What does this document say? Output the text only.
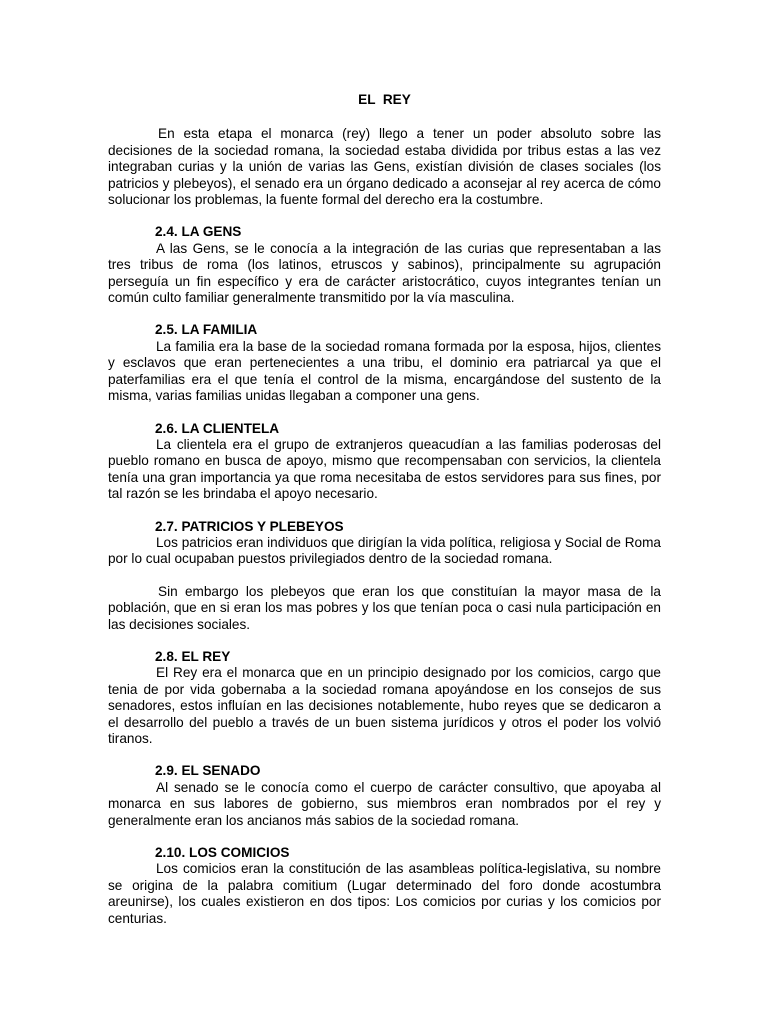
EL  REY

En esta etapa el monarca (rey) llego a tener un poder absoluto sobre las decisiones de la sociedad romana, la sociedad estaba dividida por tribus estas a las vez integraban curias y la unión de varias las Gens, existían división de clases sociales (los patricios y plebeyos), el senado era un órgano dedicado a aconsejar al rey acerca de cómo solucionar los problemas, la fuente formal del derecho era la costumbre.

2.4. LA GENS

A las Gens, se le conocía a la integración de las curias que representaban a las tres tribus de roma (los latinos, etruscos y sabinos), principalmente su agrupación perseguía un fin específico y era de carácter aristocrático, cuyos integrantes tenían un común culto familiar generalmente transmitido por la vía masculina.

2.5. LA FAMILIA

La familia era la base de la sociedad romana formada por la esposa, hijos, clientes y esclavos que eran pertenecientes a una tribu, el dominio era patriarcal ya que el paterfamilias era el que tenía el control de la misma, encargándose del sustento de la misma, varias familias unidas llegaban a componer una gens.

2.6. LA CLIENTELA

La clientela era el grupo de extranjeros queacudían a las familias poderosas del pueblo romano en busca de apoyo, mismo que recompensaban con servicios, la clientela tenía una gran importancia ya que roma necesitaba de estos servidores para sus fines, por tal razón se les brindaba el apoyo necesario.

2.7. PATRICIOS Y PLEBEYOS

Los patricios eran individuos que dirigían la vida política, religiosa y Social de Roma por lo cual ocupaban puestos privilegiados dentro de la sociedad romana.

Sin embargo los plebeyos que eran los que constituían la mayor masa de la población, que en si eran los mas pobres y los que tenían poca o casi nula participación en las decisiones sociales.

2.8. EL REY

El Rey era el monarca que en un principio designado por los comicios, cargo que tenia de por vida gobernaba a la sociedad romana apoyándose en los consejos de sus senadores, estos influían en las decisiones notablemente, hubo reyes que se dedicaron a el desarrollo del pueblo a través de un buen sistema jurídicos y otros el poder los volvió tiranos.

2.9. EL SENADO

Al senado se le conocía como el cuerpo de carácter consultivo, que apoyaba al monarca en sus labores de gobierno, sus miembros eran nombrados por el rey y generalmente eran los ancianos más sabios de la sociedad romana.

2.10. LOS COMICIOS

Los comicios eran la constitución de las asambleas política-legislativa, su nombre se origina de la palabra comitium (Lugar determinado del foro donde acostumbra areunirse), los cuales existieron en dos tipos: Los comicios por curias y los comicios por centurias.
